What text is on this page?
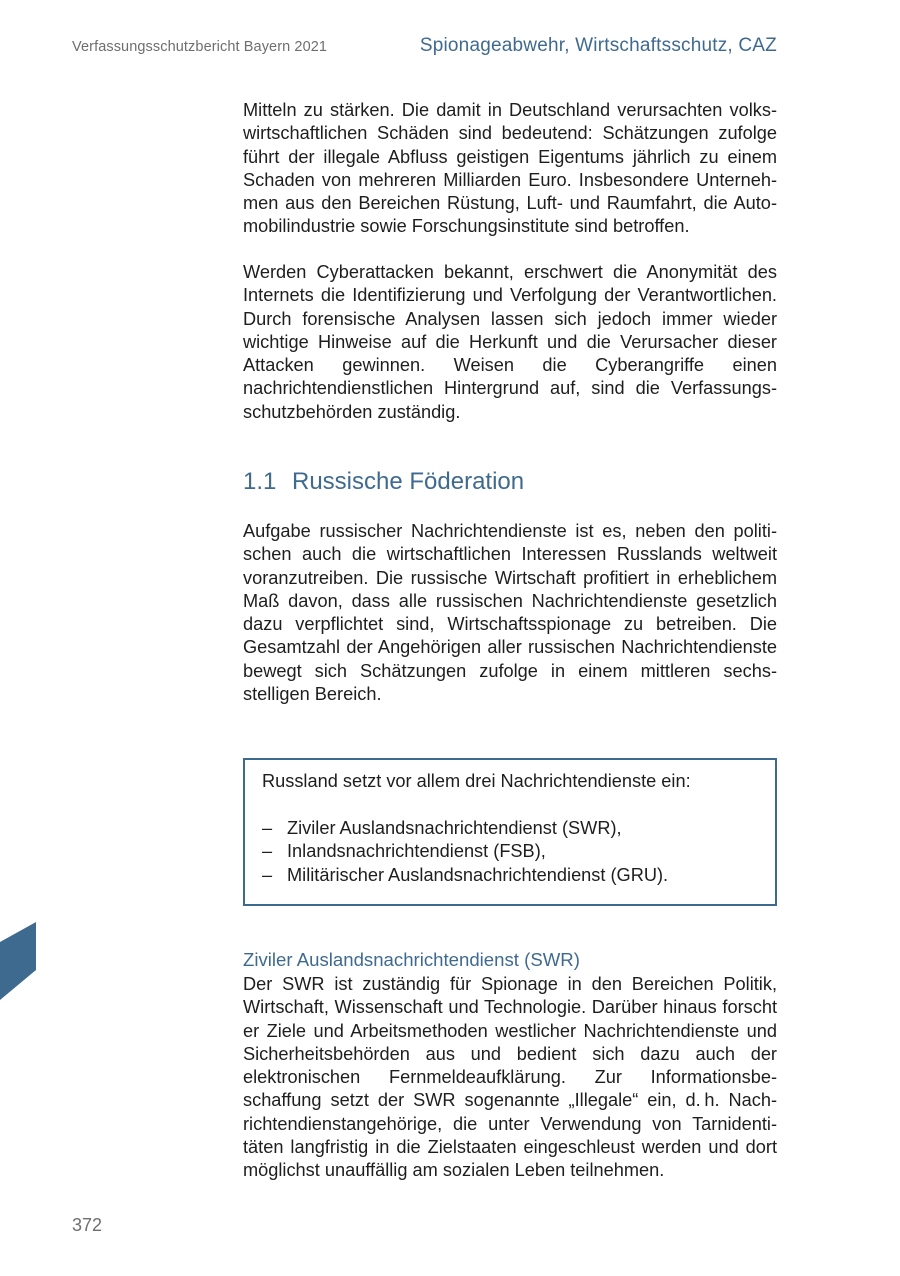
Verfassungsschutzbericht Bayern 2021	Spionageabwehr, Wirtschaftsschutz, CAZ

Mitteln zu stärken. Die damit in Deutschland verursachten volkswirtschaftlichen Schäden sind bedeutend: Schätzungen zufolge führt der illegale Abfluss geistigen Eigentums jährlich zu einem Schaden von mehreren Milliarden Euro. Insbesondere Unternehmen aus den Bereichen Rüstung, Luft- und Raumfahrt, die Automobilindustrie sowie Forschungsinstitute sind betroffen.

Werden Cyberattacken bekannt, erschwert die Anonymität des Internets die Identifizierung und Verfolgung der Verantwortlichen. Durch forensische Analysen lassen sich jedoch immer wieder wichtige Hinweise auf die Herkunft und die Verursacher dieser Attacken gewinnen. Weisen die Cyberangriffe einen nachrichtendienstlichen Hintergrund auf, sind die Verfassungsschutzbehörden zuständig.

1.1 Russische Föderation

Aufgabe russischer Nachrichtendienste ist es, neben den politischen auch die wirtschaftlichen Interessen Russlands weltweit voranzutreiben. Die russische Wirtschaft profitiert in erheblichem Maß davon, dass alle russischen Nachrichtendienste gesetzlich dazu verpflichtet sind, Wirtschaftsspionage zu betreiben. Die Gesamtzahl der Angehörigen aller russischen Nachrichtendienste bewegt sich Schätzungen zufolge in einem mittleren sechsstelligen Bereich.

Russland setzt vor allem drei Nachrichtendienste ein:

– Ziviler Auslandsnachrichtendienst (SWR),
– Inlandsnachrichtendienst (FSB),
– Militärischer Auslandsnachrichtendienst (GRU).
Ziviler Auslandsnachrichtendienst (SWR)

Der SWR ist zuständig für Spionage in den Bereichen Politik, Wirtschaft, Wissenschaft und Technologie. Darüber hinaus forscht er Ziele und Arbeitsmethoden westlicher Nachrichtendienste und Sicherheitsbehörden aus und bedient sich dazu auch der elektronischen Fernmeldeaufklärung. Zur Informationsbeschaffung setzt der SWR sogenannte „Illegale“ ein, d. h. Nachrichtendienstangehörige, die unter Verwendung von Tarnidentitäten langfristig in die Zielstaaten eingeschleust werden und dort möglichst unauffällig am sozialen Leben teilnehmen.

372
